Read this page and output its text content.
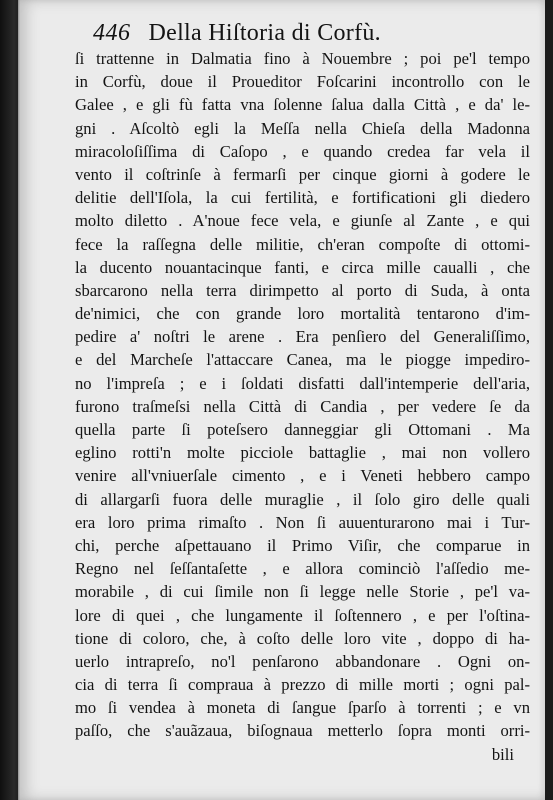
446 Della Hiſtoria di Corfù.
ſi trattenne in Dalmatia fino à Nouembre ; poi pe'l tempo
in Corfù, doue il Proueditor Foſcarini incontrollo con le
Galee , e gli fù fatta vna ſolenne ſalua dalla Città , e da' le-
gni . Aſcoltò egli la Meſſa nella Chieſa della Madonna
miracoloſiſſima di Caſopo , e quando credea far vela il
vento il coſtrinſe à fermarſi per cinque giorni à godere le
delitie dell'Iſola, la cui fertilità, e fortificationi gli diedero
molto diletto . A'noue fece vela, e giunſe al Zante , e qui
fece la raſſegna delle militie, ch'eran compoſte di ottomi-
la ducento nouantacinque fanti, e circa mille caualli , che
sbarcarono nella terra dirimpetto al porto di Suda, à onta
de'nimici, che con grande loro mortalità tentarono d'im-
pedire a' noſtri le arene . Era penſiero del Generaliſſimo,
e del Marcheſe l'attaccare Canea, ma le piogge impediro-
no l'impreſa ; e i ſoldati disfatti dall'intemperie dell'aria,
furono traſmeſsi nella Città di Candia , per vedere ſe da
quella parte ſi poteſsero danneggiar gli Ottomani . Ma
eglino rotti'n molte picciole battaglie , mai non vollero
venire all'vniuerſale cimento , e i Veneti hebbero campo
di allargarſi fuora delle muraglie , il ſolo giro delle quali
era loro prima rimaſto . Non ſi auuenturarono mai i Tur-
chi, perche aſpettauano il Primo Viſir, che comparue in
Regno nel ſeſſantaſette , e allora cominciò l'aſſedio me-
morabile , di cui ſimile non ſi legge nelle Storie , pe'l va-
lore di quei , che lungamente il ſoſtennero , e per l'oſtina-
tione di coloro, che, à coſto delle loro vite , doppo di ha-
uerlo intrapreſo, no'l penſarono abbandonare . Ogni on-
cia di terra ſi compraua à prezzo di mille morti ; ogni pal-
mo ſi vendea à moneta di ſangue ſparſo à torrenti ; e vn
paſſo, che s'auãzaua, biſognaua metterlo ſopra monti orri-
bili
